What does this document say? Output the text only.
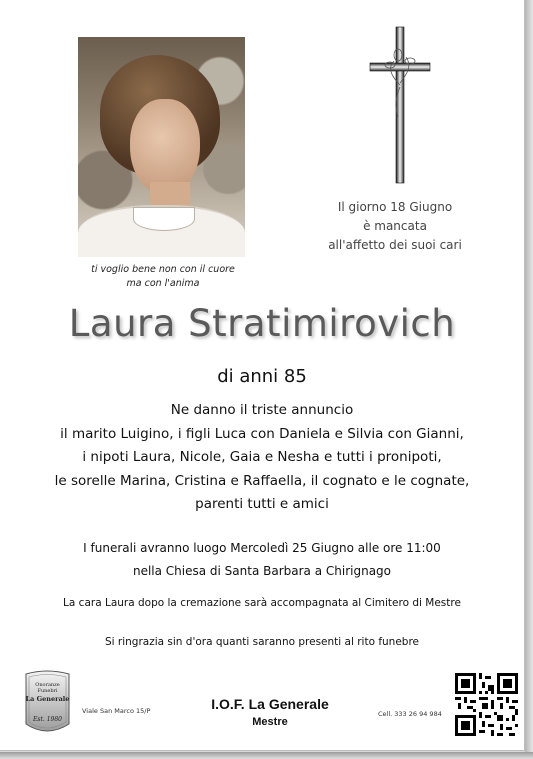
ti voglio bene non con il cuore
ma con l'anima
Il giorno 18 Giugno
è mancata
all'affetto dei suoi cari
Laura Stratimirovich
di anni 85
Ne danno il triste annuncio
il marito Luigino, i figli Luca con Daniela e Silvia con Gianni,
i nipoti Laura, Nicole, Gaia e Nesha e tutti i pronipoti,
le sorelle Marina, Cristina e Raffaella, il cognato e le cognate,
parenti tutti e amici
I funerali avranno luogo Mercoledì 25 Giugno alle ore 11:00
nella Chiesa di Santa Barbara a Chirignago
La cara Laura dopo la cremazione sarà accompagnata al Cimitero di Mestre
Si ringrazia sin d'ora quanti saranno presenti al rito funebre
Onoranze
Funebri
La Generale
Est. 1980
Viale San Marco 15/P	I.O.F. La Generale
Mestre
Cell. 333 26 94 984
